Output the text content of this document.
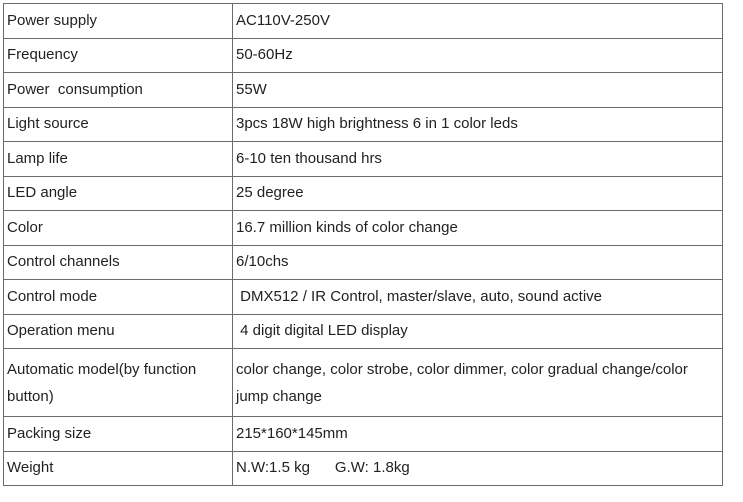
Power supply	AC110V-250V
Frequency	50-60Hz
Power  consumption	55W
Light source	3pcs 18W high brightness 6 in 1 color leds
Lamp life	6-10 ten thousand hrs
LED angle	25 degree
Color	16.7 million kinds of color change
Control channels	6/10chs
Control mode	DMX512 / IR Control, master/slave, auto, sound active
Operation menu	4 digit digital LED display
Automatic model(by function button)	color change, color strobe, color dimmer, color gradual change/color jump change
Packing size	215*160*145mm
Weight	N.W:1.5 kg      G.W: 1.8kg
